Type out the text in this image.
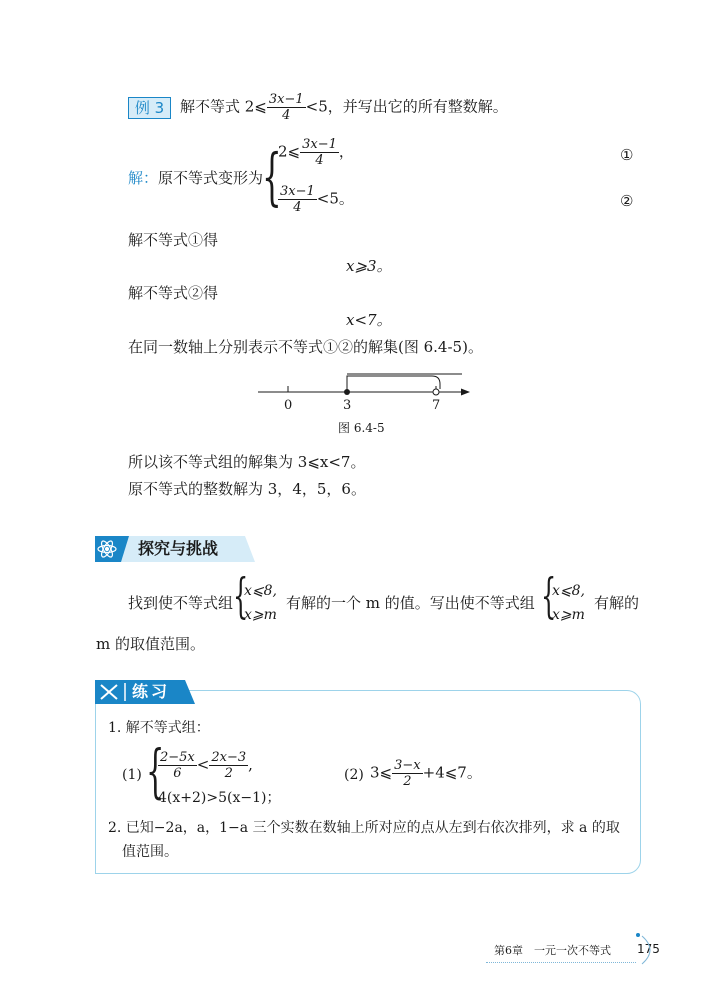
例 3	解不等式 2⩽ $\frac{3x-1}{4} <5$，并写出它的所有整数解。
解：原不等式变形为
{
2⩽ $\frac{3x-1}{4}$ ，	①
$\frac{3x-1}{4} <5$。	②
解不等式①得
x⩾3。
解不等式②得
x<7。
在同一数轴上分别表示不等式①②的解集(图 6.4-5)。
0	3	7
图 6.4-5
所以该不等式组的解集为 3⩽x<7。
原不等式的整数解为 3，4，5，6。
探究与挑战
找到使不等式组 {
x⩽8,
x⩾m
有解的一个 m 的值。写出使不等式组 {
x⩽8,
x⩾m
有解的
m 的取值范围。
练习
1. 解不等式组：
(1) {
$\frac{2-5x}{6} < \frac{2x-3}{2}$ ,
4(x+2)>5(x−1)；
(2) 3⩽ $\frac{3-x}{2}$ +4⩽7。
2. 已知−2a，a，1−a 三个实数在数轴上所对应的点从左到右依次排列，求 a 的取
值范围。
第6章　一元一次不等式 175
